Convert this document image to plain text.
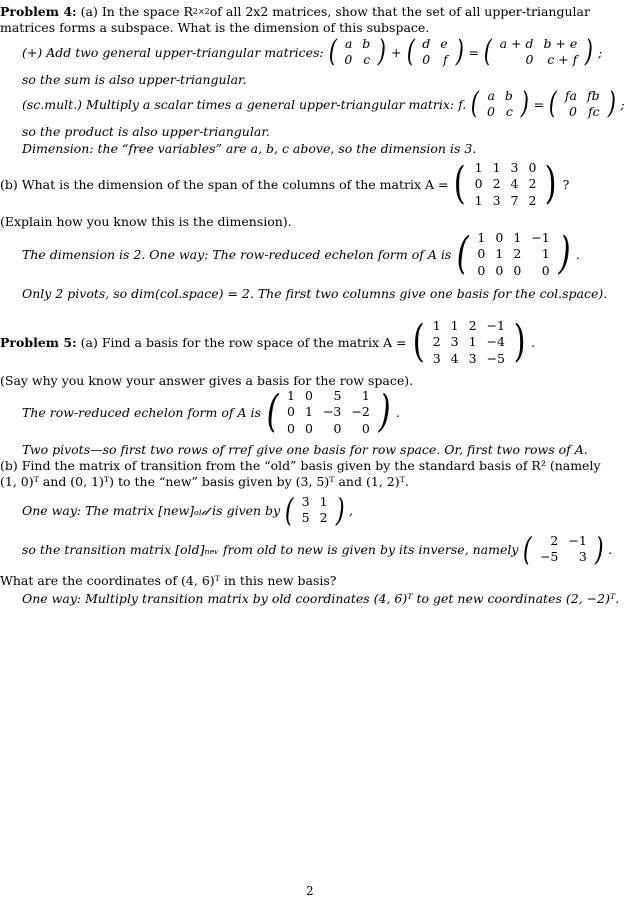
Problem 4:
(a) In the space R 2×2 of all 2x2 matrices, show that the set of all upper-triangular
matrices forms a subspace. What is the dimension of this subspace.
(+) Add two general upper-triangular matrices: ( a	b
0	c ) + ( d	e
0	f ) = ( a + d	b + e
0	c + f ) ;
so the sum is also upper-triangular.
(sc.mult.) Multiply a scalar times a general upper-triangular matrix:
f. ( a	b
0	c ) = ( fa	fb
0	fc ) ;
so the product is also upper-triangular.
Dimension: the “free variables” are a, b, c above, so the dimension is 3.
(b) What is the dimension of the span of the columns of the matrix A = ( 1	1	3	0
0	2	4	2
1	3	7	2 ) ?
(Explain how you know this is the dimension).
The dimension is 2. One way: The row-reduced echelon form of A is ( 1	0	1	−1
0	1	2	1
0	0	0	0 ) .
Only 2 pivots, so dim(col.space) = 2. The first two columns give one basis for the col.space).
Problem 5:
(a) Find a basis for the row space of the matrix A = ( 1	1	2	−1
2	3	1	−4
3	4	3	−5 ) .
(Say why you know your answer gives a basis for the row space).
The row-reduced echelon form of A is ( 1	0	5	1
0	1	−3	−2
0	0	0	0 ) .
Two pivots—so first two rows of rref give one basis for row space. Or, first two rows of A.
(b) Find the matrix of transition from the “old” basis given by the standard basis of R² (namely
(1, 0)ᵀ and (0, 1)ᵀ) to the “new” basis given by (3, 5)ᵀ and (1, 2)ᵀ.
One way: The matrix [new]ₒₗ𝒹 is given by ( 3	1
5	2 ) ,
so the transition matrix [old]ₙₑᵥ from old to new is given by its inverse, namely ( 2	−1
−5	3 ) .
What are the coordinates of (4, 6)ᵀ in this new basis?
One way: Multiply transition matrix by old coordinates (4, 6)ᵀ to get new coordinates (2, −2)ᵀ.
2
